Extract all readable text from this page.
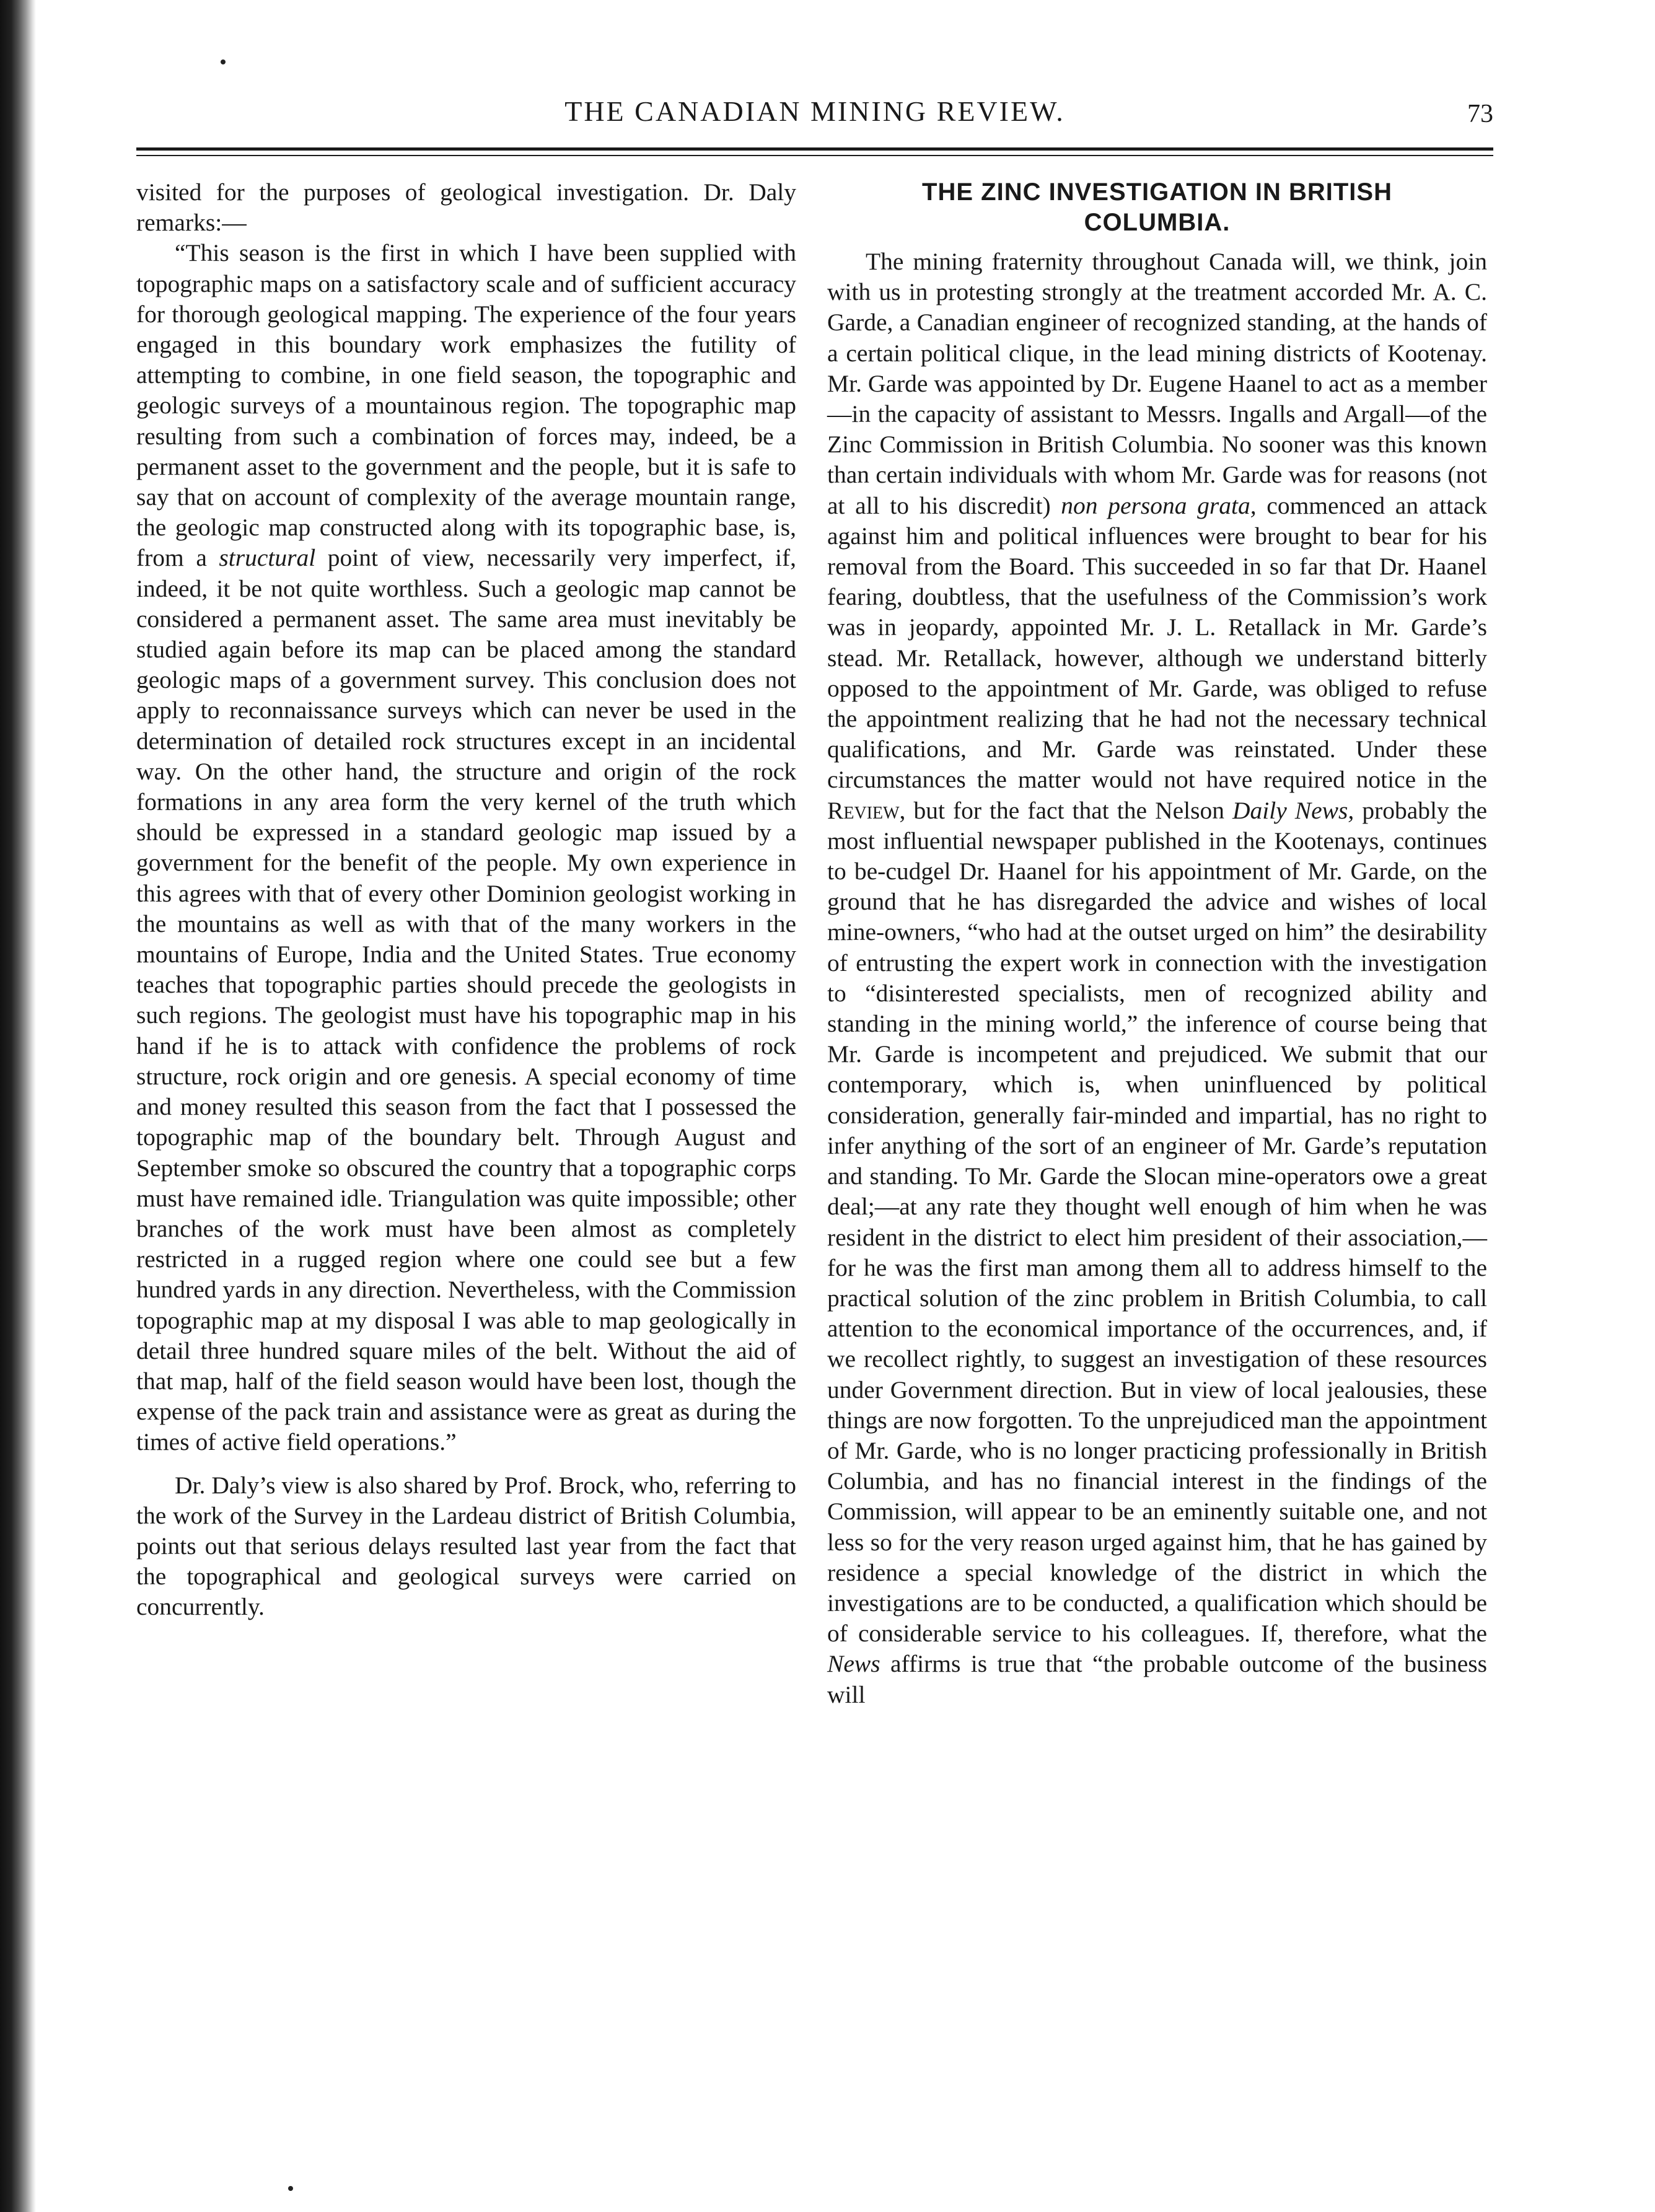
THE CANADIAN MINING REVIEW.	73

visited for the purposes of geological investigation. Dr. Daly remarks:—

“This season is the first in which I have been supplied with topographic maps on a satisfactory scale and of sufficient accuracy for thorough geological mapping. The experience of the four years engaged in this boundary work emphasizes the futility of attempting to combine, in one field season, the topographic and geologic surveys of a mountainous region. The topographic map resulting from such a combination of forces may, indeed, be a permanent asset to the government and the people, but it is safe to say that on account of complexity of the average mountain range, the geologic map constructed along with its topographic base, is, from a structural point of view, necessarily very imperfect, if, indeed, it be not quite worthless. Such a geologic map cannot be considered a permanent asset. The same area must inevitably be studied again before its map can be placed among the standard geologic maps of a government survey. This conclusion does not apply to reconnaissance surveys which can never be used in the determination of detailed rock structures except in an incidental way. On the other hand, the structure and origin of the rock formations in any area form the very kernel of the truth which should be expressed in a standard geologic map issued by a government for the benefit of the people. My own experience in this agrees with that of every other Dominion geologist working in the mountains as well as with that of the many workers in the mountains of Europe, India and the United States. True economy teaches that topographic parties should precede the geologists in such regions. The geologist must have his topographic map in his hand if he is to attack with confidence the problems of rock structure, rock origin and ore genesis. A special economy of time and money resulted this season from the fact that I possessed the topographic map of the boundary belt. Through August and September smoke so obscured the country that a topographic corps must have remained idle. Triangulation was quite impossible; other branches of the work must have been almost as completely restricted in a rugged region where one could see but a few hundred yards in any direction. Nevertheless, with the Commission topographic map at my disposal I was able to map geologically in detail three hundred square miles of the belt. Without the aid of that map, half of the field season would have been lost, though the expense of the pack train and assistance were as great as during the times of active field operations.”

Dr. Daly’s view is also shared by Prof. Brock, who, referring to the work of the Survey in the Lardeau district of British Columbia, points out that serious delays resulted last year from the fact that the topographical and geological surveys were carried on concurrently.

THE ZINC INVESTIGATION IN BRITISH
COLUMBIA.

The mining fraternity throughout Canada will, we think, join with us in protesting strongly at the treatment accorded Mr. A. C. Garde, a Canadian engineer of recognized standing, at the hands of a certain political clique, in the lead mining districts of Kootenay. Mr. Garde was appointed by Dr. Eugene Haanel to act as a member—in the capacity of assistant to Messrs. Ingalls and Argall—of the Zinc Commission in British Columbia. No sooner was this known than certain individuals with whom Mr. Garde was for reasons (not at all to his discredit) non persona grata, commenced an attack against him and political influences were brought to bear for his removal from the Board. This succeeded in so far that Dr. Haanel fearing, doubtless, that the usefulness of the Commission’s work was in jeopardy, appointed Mr. J. L. Retallack in Mr. Garde’s stead. Mr. Retallack, however, although we understand bitterly opposed to the appointment of Mr. Garde, was obliged to refuse the appointment realizing that he had not the necessary technical qualifications, and Mr. Garde was reinstated. Under these circumstances the matter would not have required notice in the Review, but for the fact that the Nelson Daily News, probably the most influential newspaper published in the Kootenays, continues to be-cudgel Dr. Haanel for his appointment of Mr. Garde, on the ground that he has disregarded the advice and wishes of local mine-owners, “who had at the outset urged on him” the desirability of entrusting the expert work in connection with the investigation to “disinterested specialists, men of recognized ability and standing in the mining world,” the inference of course being that Mr. Garde is incompetent and prejudiced. We submit that our contemporary, which is, when uninfluenced by political consideration, generally fair-minded and impartial, has no right to infer anything of the sort of an engineer of Mr. Garde’s reputation and standing. To Mr. Garde the Slocan mine-operators owe a great deal;—at any rate they thought well enough of him when he was resident in the district to elect him president of their association,—for he was the first man among them all to address himself to the practical solution of the zinc problem in British Columbia, to call attention to the economical importance of the occurrences, and, if we recollect rightly, to suggest an investigation of these resources under Government direction. But in view of local jealousies, these things are now forgotten. To the unprejudiced man the appointment of Mr. Garde, who is no longer practicing professionally in British Columbia, and has no financial interest in the findings of the Commission, will appear to be an eminently suitable one, and not less so for the very reason urged against him, that he has gained by residence a special knowledge of the district in which the investigations are to be conducted, a qualification which should be of considerable service to his colleagues. If, therefore, what the News affirms is true that “the probable outcome of the business will
